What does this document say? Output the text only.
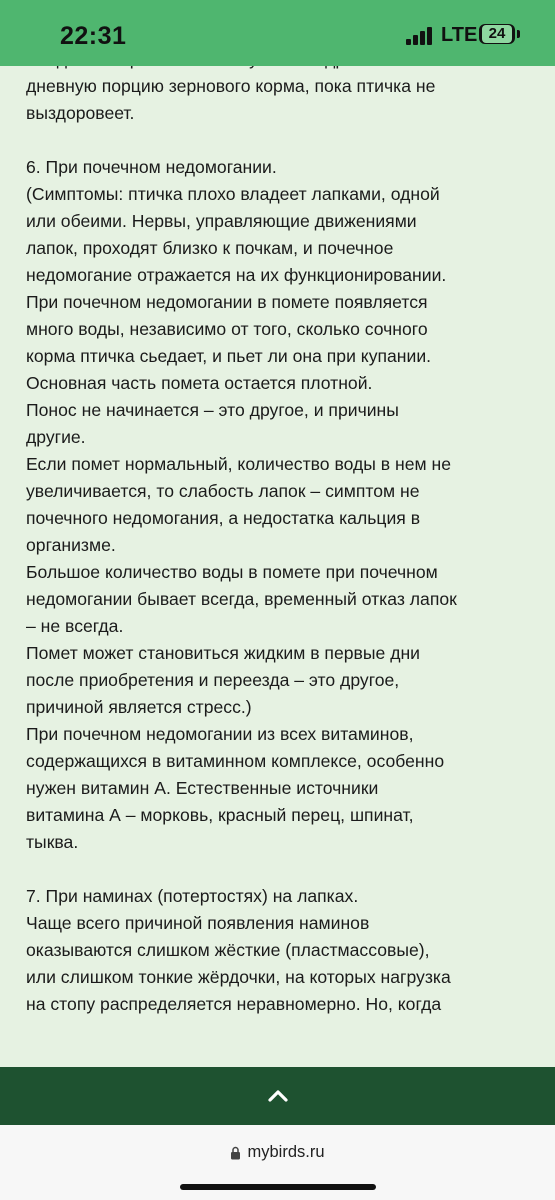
22:31	LTE 24

дневную порцию зернового корма, пока птичка не

выздоровеет.

6. При почечном недомогании.

(Симптомы: птичка плохо владеет лапками, одной

или обеими. Нервы, управляющие движениями

лапок, проходят близко к почкам, и почечное

недомогание отражается на их функционировании.

При почечном недомогании в помете появляется

много воды, независимо от того, сколько сочного

корма птичка сьедает, и пьет ли она при купании.

Основная часть помета остается плотной.

Понос не начинается – это другое, и причины

другие.

Если помет нормальный, количество воды в нем не

увеличивается, то слабость лапок – симптом не

почечного недомогания, а недостатка кальция в

организме.

Большое количество воды в помете при почечном

недомогании бывает всегда, временный отказ лапок

– не всегда.

Помет может становиться жидким в первые дни

после приобретения и переезда – это другое,

причиной является стресс.)

При почечном недомогании из всех витаминов,

содержащихся в витаминном комплексе, особенно

нужен витамин А. Естественные источники

витамина А – морковь, красный перец, шпинат,

тыква.

7. При наминах (потертостях) на лапках.

Чаще всего причиной появления наминов

оказываются слишком жёсткие (пластмассовые),

или слишком тонкие жёрдочки, на которых нагрузка

на стопу распределяется неравномерно. Но, когда

mybirds.ru
